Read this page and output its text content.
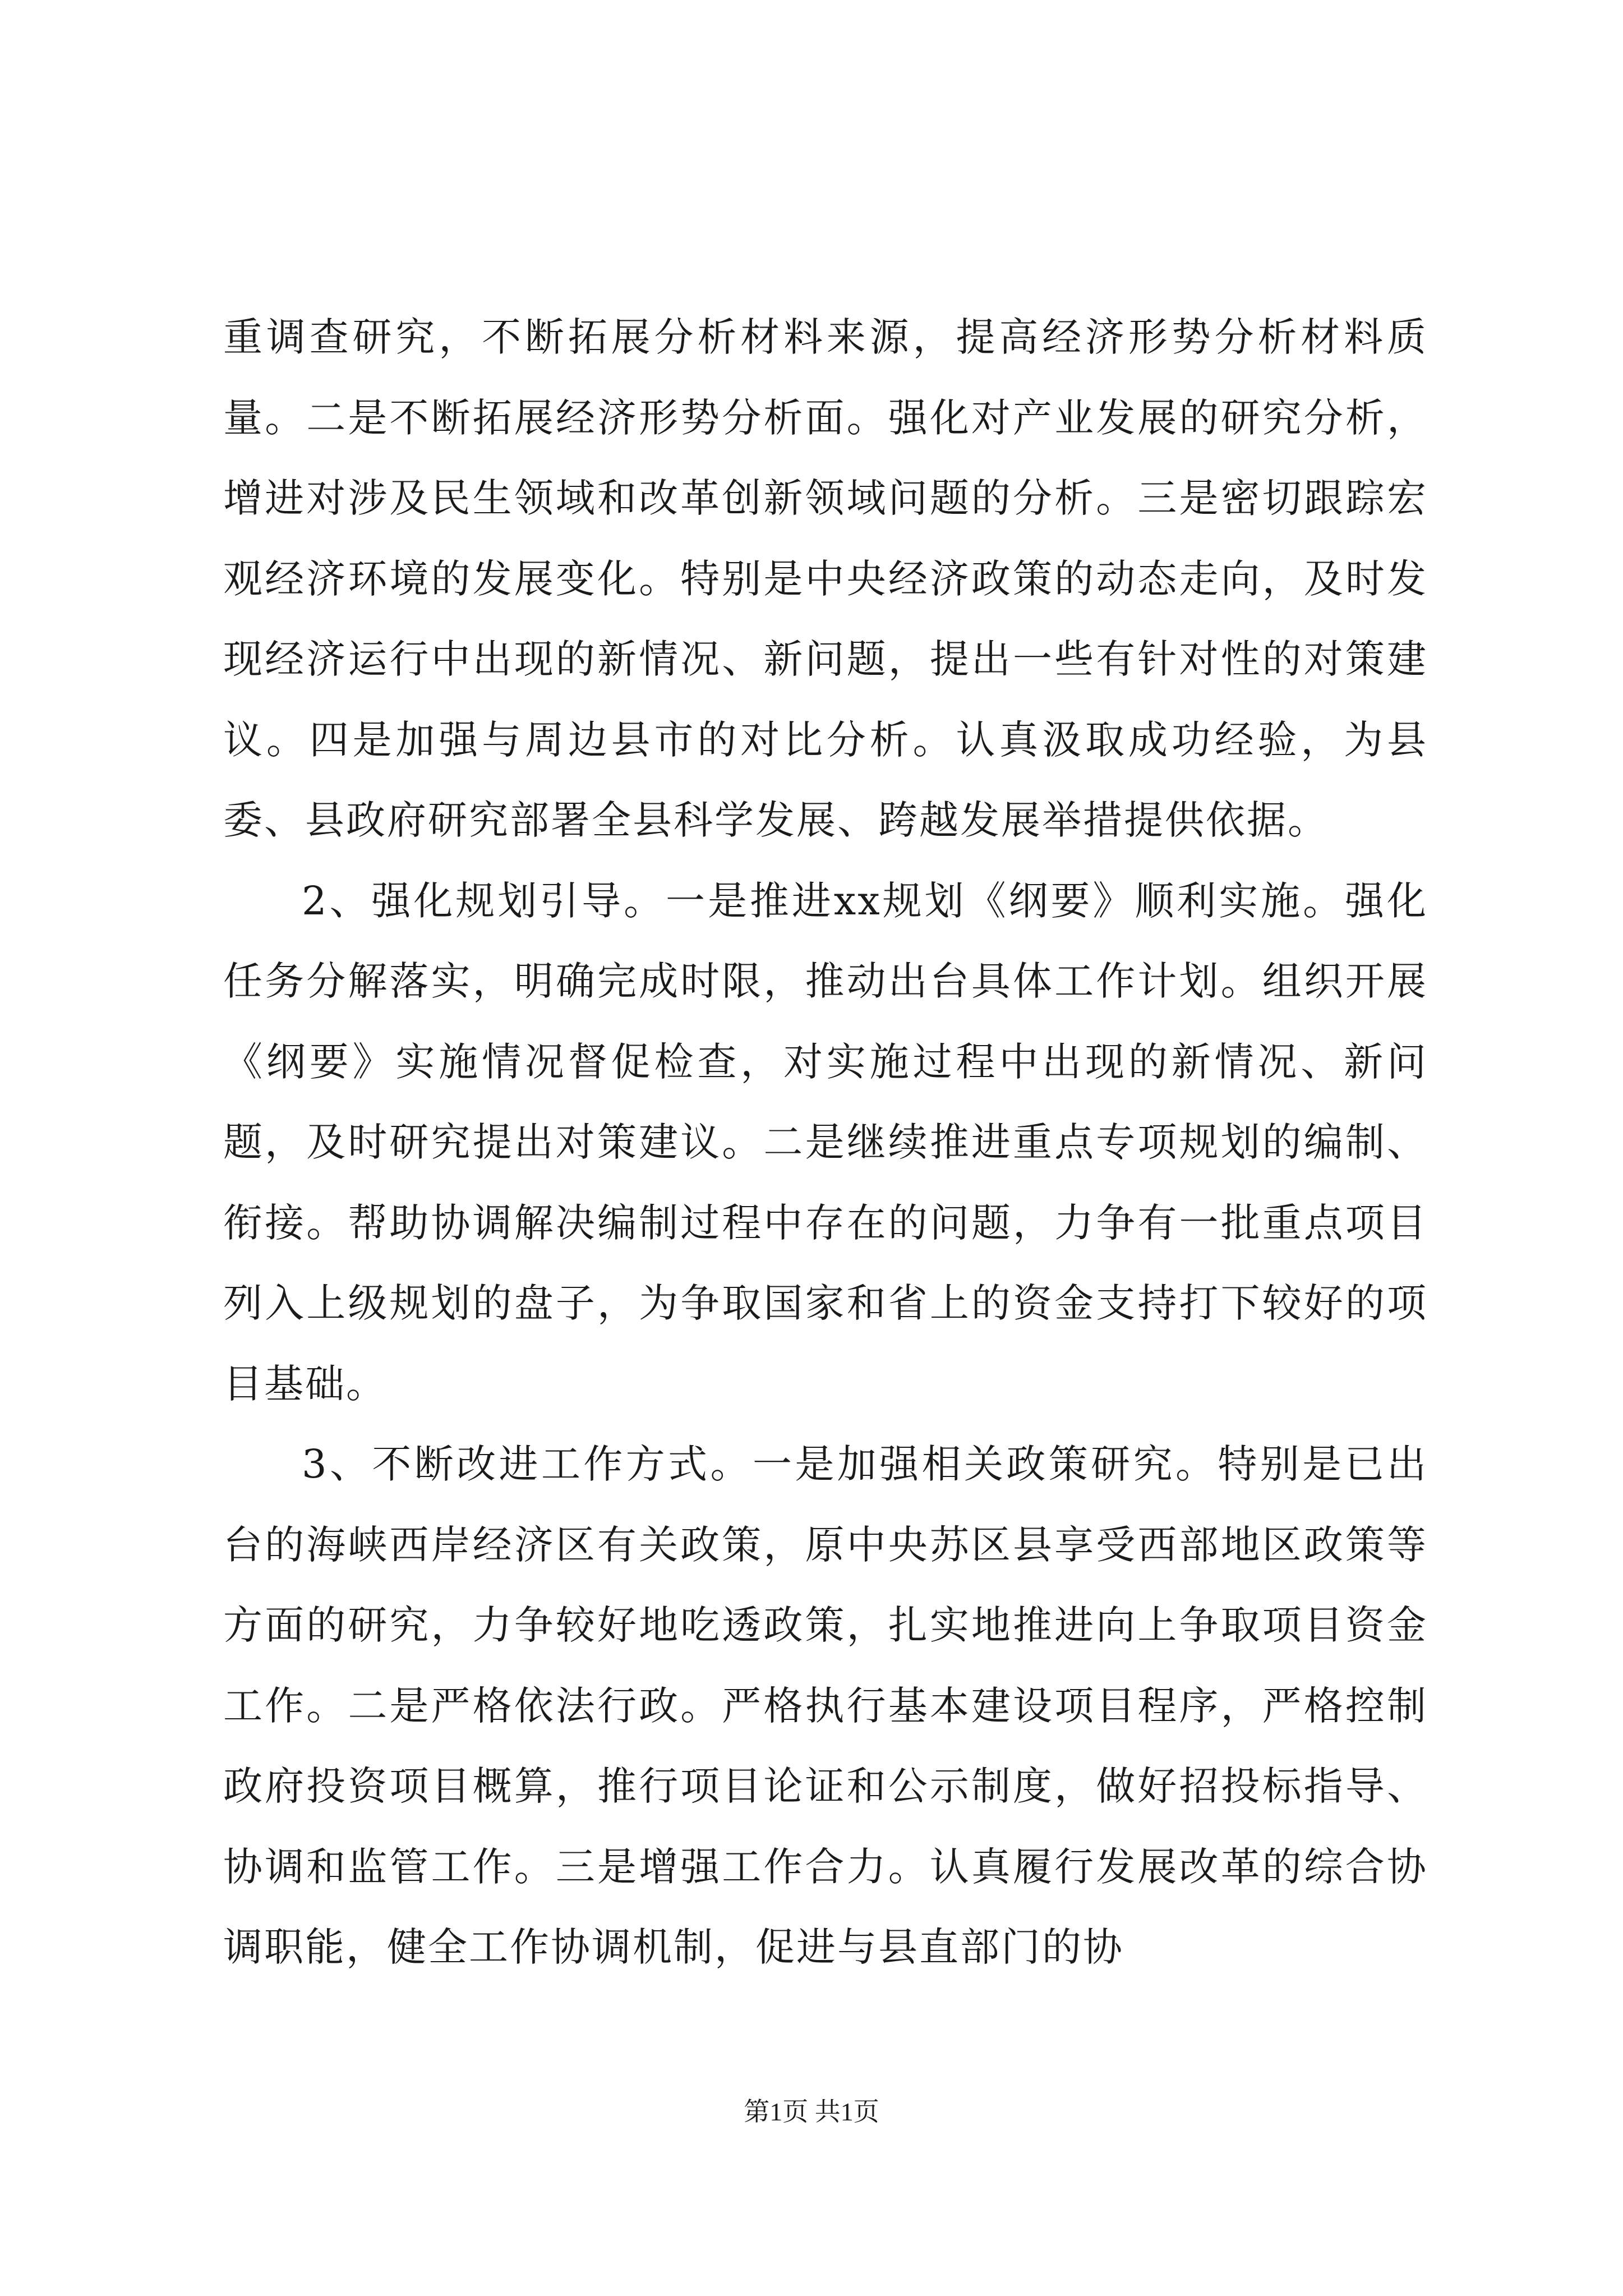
重调查研究，不断拓展分析材料来源，提高经济形势分析材料质量。二是不断拓展经济形势分析面。强化对产业发展的研究分析，增进对涉及民生领域和改革创新领域问题的分析。三是密切跟踪宏观经济环境的发展变化。特别是中央经济政策的动态走向，及时发现经济运行中出现的新情况、新问题，提出一些有针对性的对策建议。四是加强与周边县市的对比分析。认真汲取成功经验，为县委、县政府研究部署全县科学发展、跨越发展举措提供依据。

2、强化规划引导。一是推进xx规划《纲要》顺利实施。强化任务分解落实，明确完成时限，推动出台具体工作计划。组织开展《纲要》实施情况督促检查，对实施过程中出现的新情况、新问题，及时研究提出对策建议。二是继续推进重点专项规划的编制、衔接。帮助协调解决编制过程中存在的问题，力争有一批重点项目列入上级规划的盘子，为争取国家和省上的资金支持打下较好的项目基础。

3、不断改进工作方式。一是加强相关政策研究。特别是已出台的海峡西岸经济区有关政策，原中央苏区县享受西部地区政策等方面的研究，力争较好地吃透政策，扎实地推进向上争取项目资金工作。二是严格依法行政。严格执行基本建设项目程序，严格控制政府投资项目概算，推行项目论证和公示制度，做好招投标指导、协调和监管工作。三是增强工作合力。认真履行发展改革的综合协调职能，健全工作协调机制，促进与县直部门的协

第1页 共1页
